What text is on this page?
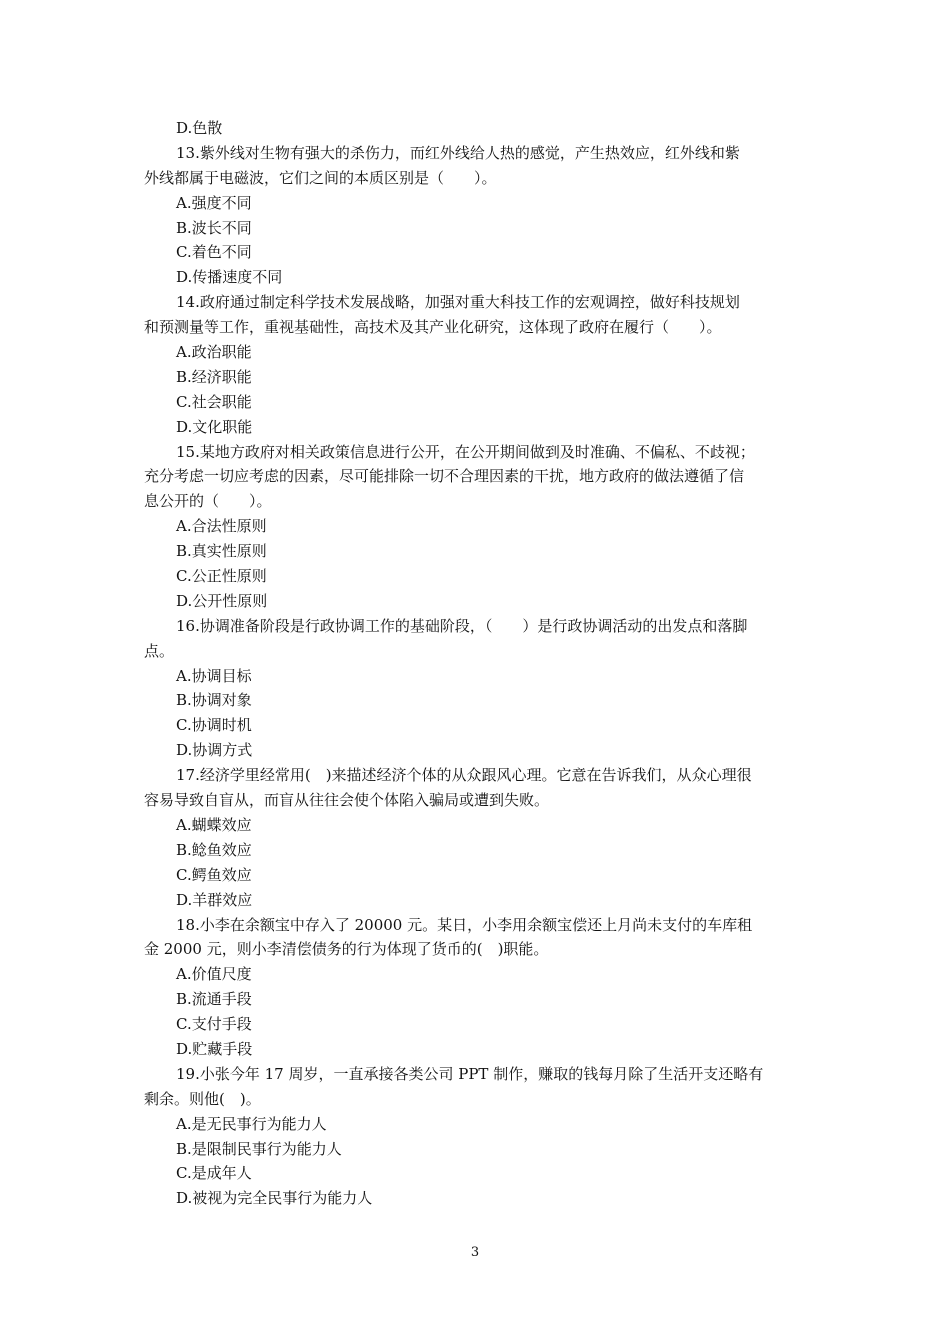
D.色散
13.紫外线对生物有强大的杀伤力，而红外线给人热的感觉，产生热效应，红外线和紫
外线都属于电磁波，它们之间的本质区别是（　　）。
A.强度不同
B.波长不同
C.着色不同
D.传播速度不同
14.政府通过制定科学技术发展战略，加强对重大科技工作的宏观调控，做好科技规划
和预测量等工作，重视基础性，高技术及其产业化研究，这体现了政府在履行（　　）。
A.政治职能
B.经济职能
C.社会职能
D.文化职能
15.某地方政府对相关政策信息进行公开，在公开期间做到及时准确、不偏私、不歧视；
充分考虑一切应考虑的因素，尽可能排除一切不合理因素的干扰，地方政府的做法遵循了信
息公开的（　　）。
A.合法性原则
B.真实性原则
C.公正性原则
D.公开性原则
16.协调准备阶段是行政协调工作的基础阶段，（　　）是行政协调活动的出发点和落脚
点。
A.协调目标
B.协调对象
C.协调时机
D.协调方式
17.经济学里经常用(　)来描述经济个体的从众跟风心理。它意在告诉我们，从众心理很
容易导致自盲从，而盲从往往会使个体陷入骗局或遭到失败。
A.蝴蝶效应
B.鲶鱼效应
C.鳄鱼效应
D.羊群效应
18.小李在余额宝中存入了 20000 元。某日，小李用余额宝偿还上月尚未支付的车库租
金 2000 元，则小李清偿债务的行为体现了货币的(　)职能。
A.价值尺度
B.流通手段
C.支付手段
D.贮藏手段
19.小张今年 17 周岁，一直承接各类公司 PPT 制作，赚取的钱每月除了生活开支还略有
剩余。则他(　)。
A.是无民事行为能力人
B.是限制民事行为能力人
C.是成年人
D.被视为完全民事行为能力人
3
